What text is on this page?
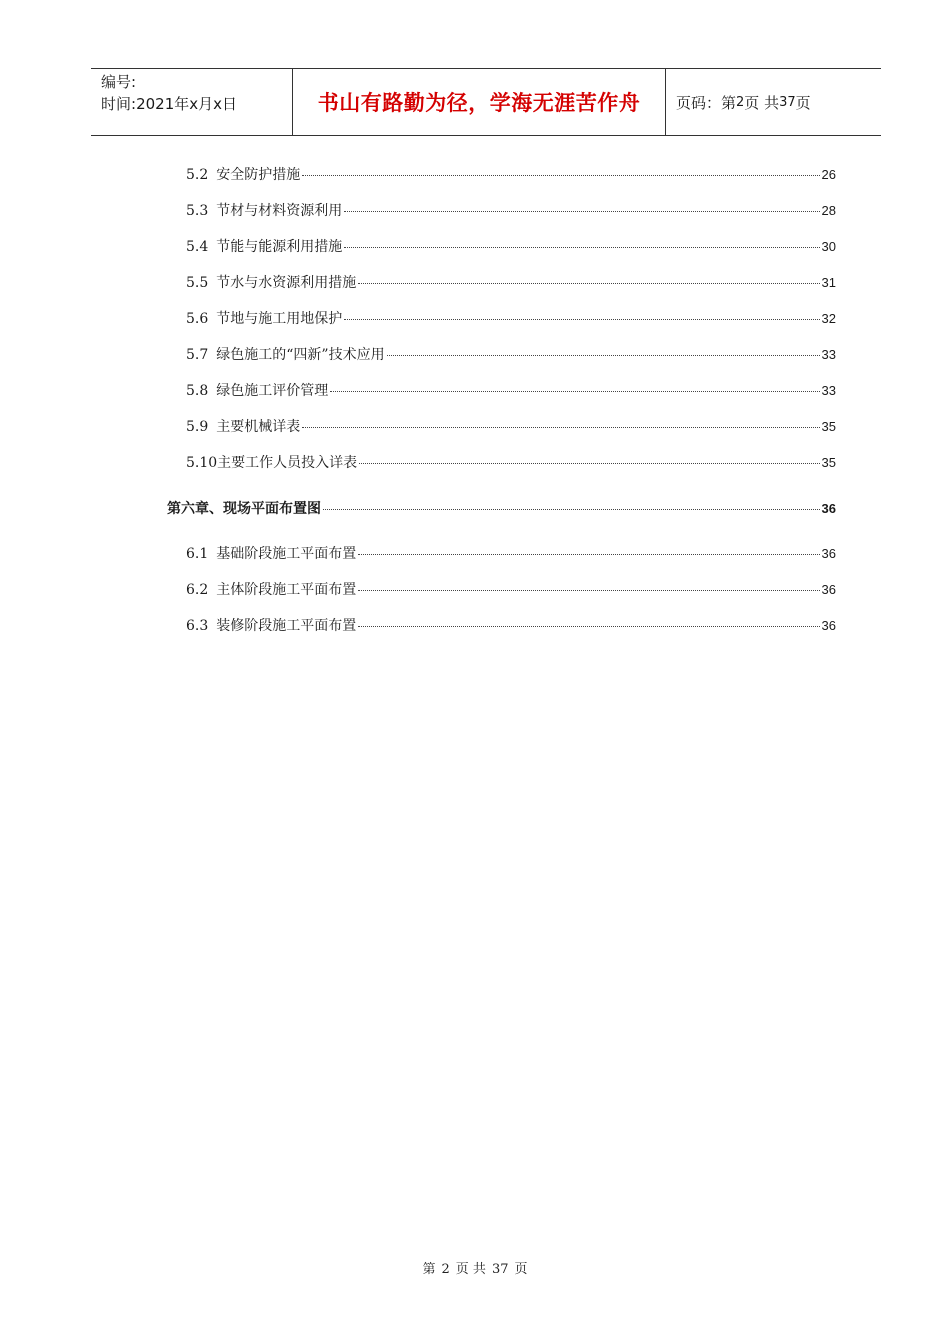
编号:
时间:2021年x月x日	书山有路勤为径，学海无涯苦作舟 页码：第 2 页 共 37 页
5.2 安全防护措施	26
5.3 节材与材料资源利用	28
5.4 节能与能源利用措施	30
5.5 节水与水资源利用措施	31
5.6 节地与施工用地保护	32
5.7 绿色施工的“四新”技术应用	33
5.8 绿色施工评价管理	33
5.9 主要机械详表	35
5.10 主要工作人员投入详表	35
第六章、现场平面布置图	36
6.1 基础阶段施工平面布置	36
6.2 主体阶段施工平面布置	36
6.3 装修阶段施工平面布置	36
第 2 页 共 37 页
